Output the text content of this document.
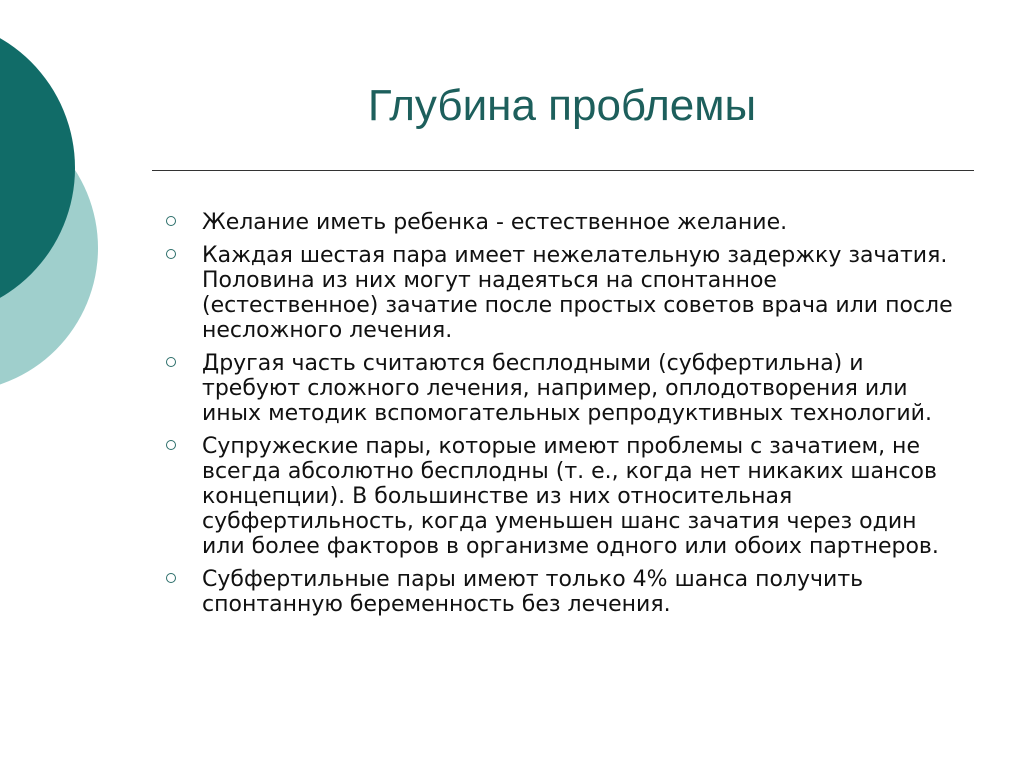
Глубина проблемы
Желание иметь ребенка - естественное желание.
Каждая шестая пара имеет нежелательную задержку зачатия. Половина из них могут надеяться на спонтанное (естественное) зачатие после простых советов врача или после несложного лечения.
Другая часть считаются бесплодными (субфертильна) и требуют сложного лечения, например, оплодотворения или иных методик вспомогательных репродуктивных технологий.
Супружеские пары, которые имеют проблемы с зачатием, не всегда абсолютно бесплодны (т. е., когда нет никаких шансов концепции). В большинстве из них относительная субфертильность, когда уменьшен шанс зачатия через один или более факторов в организме одного или обоих партнеров.
Субфертильные пары имеют только 4% шанса получить спонтанную беременность без лечения.
